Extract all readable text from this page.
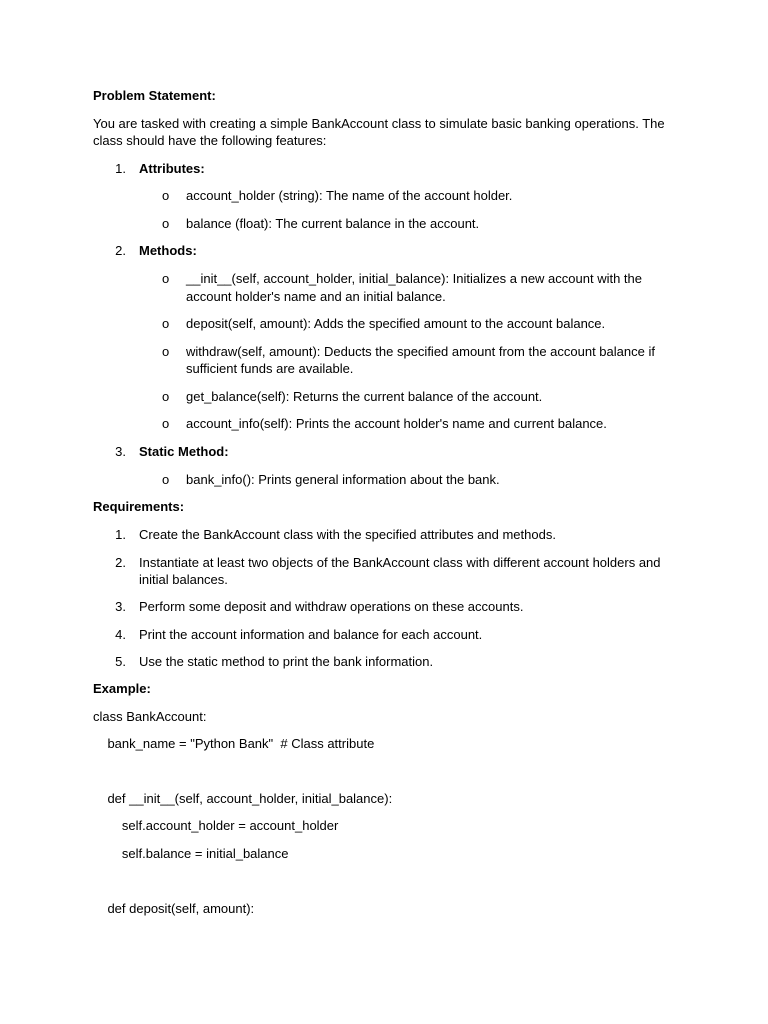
Problem Statement:
You are tasked with creating a simple BankAccount class to simulate basic banking operations. The
class should have the following features:
1. Attributes:
o account_holder (string): The name of the account holder.
o balance (float): The current balance in the account.
2. Methods:
o __init__(self, account_holder, initial_balance): Initializes a new account with the
account holder's name and an initial balance.
o deposit(self, amount): Adds the specified amount to the account balance.
o withdraw(self, amount): Deducts the specified amount from the account balance if
sufficient funds are available.
o get_balance(self): Returns the current balance of the account.
o account_info(self): Prints the account holder's name and current balance.
3. Static Method:
o bank_info(): Prints general information about the bank.
Requirements:
1. Create the BankAccount class with the specified attributes and methods.
2. Instantiate at least two objects of the BankAccount class with different account holders and
initial balances.
3. Perform some deposit and withdraw operations on these accounts.
4. Print the account information and balance for each account.
5. Use the static method to print the bank information.
Example:
class BankAccount:
bank_name = "Python Bank"  # Class attribute
def __init__(self, account_holder, initial_balance):
self.account_holder = account_holder
self.balance = initial_balance
def deposit(self, amount):
